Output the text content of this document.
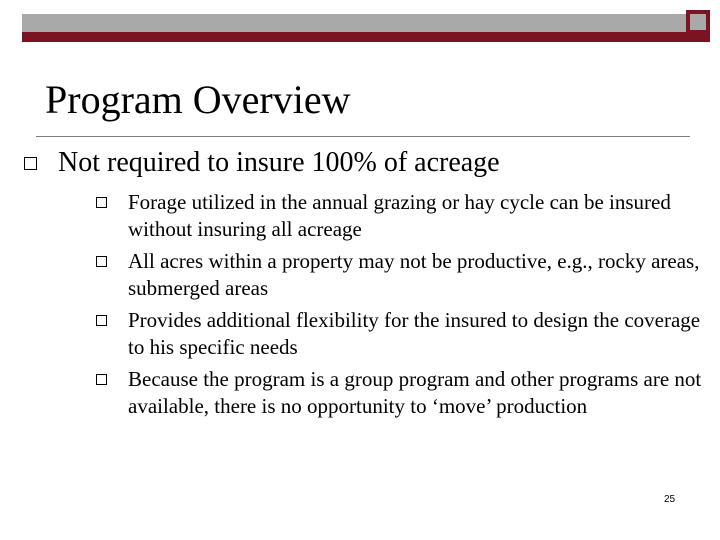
Program Overview
Not required to insure 100% of acreage
Forage utilized in the annual grazing or hay cycle can be insured without insuring all acreage
All acres within a property may not be productive, e.g., rocky areas, submerged areas
Provides additional flexibility for the insured to design the coverage to his specific needs
Because the program is a group program and other programs are not available, there is no opportunity to ‘move’ production
25
